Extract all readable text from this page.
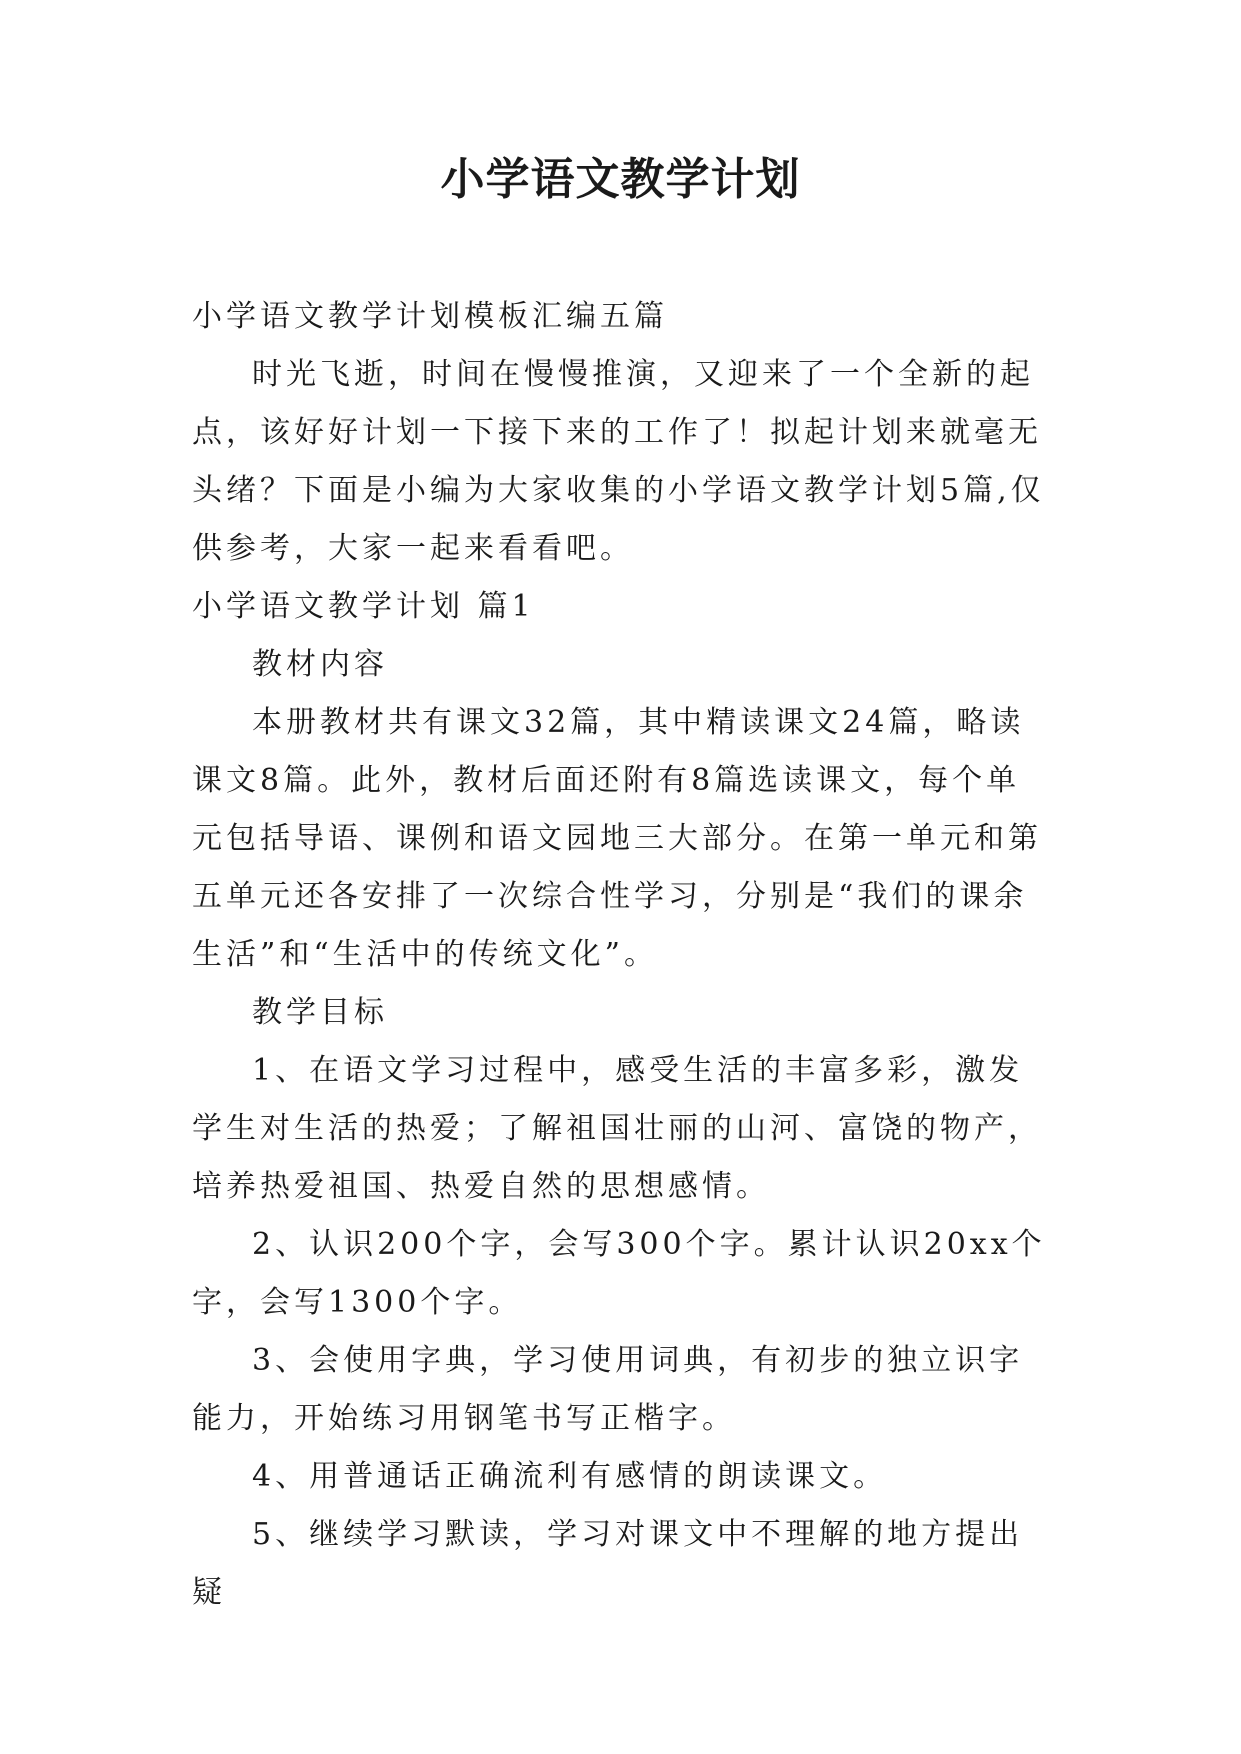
小学语文教学计划

小学语文教学计划模板汇编五篇

时光飞逝，时间在慢慢推演，又迎来了一个全新的起点，该好好计划一下接下来的工作了！拟起计划来就毫无头绪？下面是小编为大家收集的小学语文教学计划5篇,仅供参考，大家一起来看看吧。

小学语文教学计划 篇1

教材内容

本册教材共有课文32篇，其中精读课文24篇，略读课文8篇。此外，教材后面还附有8篇选读课文，每个单元包括导语、课例和语文园地三大部分。在第一单元和第五单元还各安排了一次综合性学习，分别是“我们的课余生活”和“生活中的传统文化”。

教学目标

1、在语文学习过程中，感受生活的丰富多彩，激发学生对生活的热爱；了解祖国壮丽的山河、富饶的物产，培养热爱祖国、热爱自然的思想感情。

2、认识200个字，会写300个字。累计认识20xx个字，会写1300个字。

3、会使用字典，学习使用词典，有初步的独立识字能力，开始练习用钢笔书写正楷字。

4、用普通话正确流利有感情的朗读课文。

5、继续学习默读，学习对课文中不理解的地方提出疑
